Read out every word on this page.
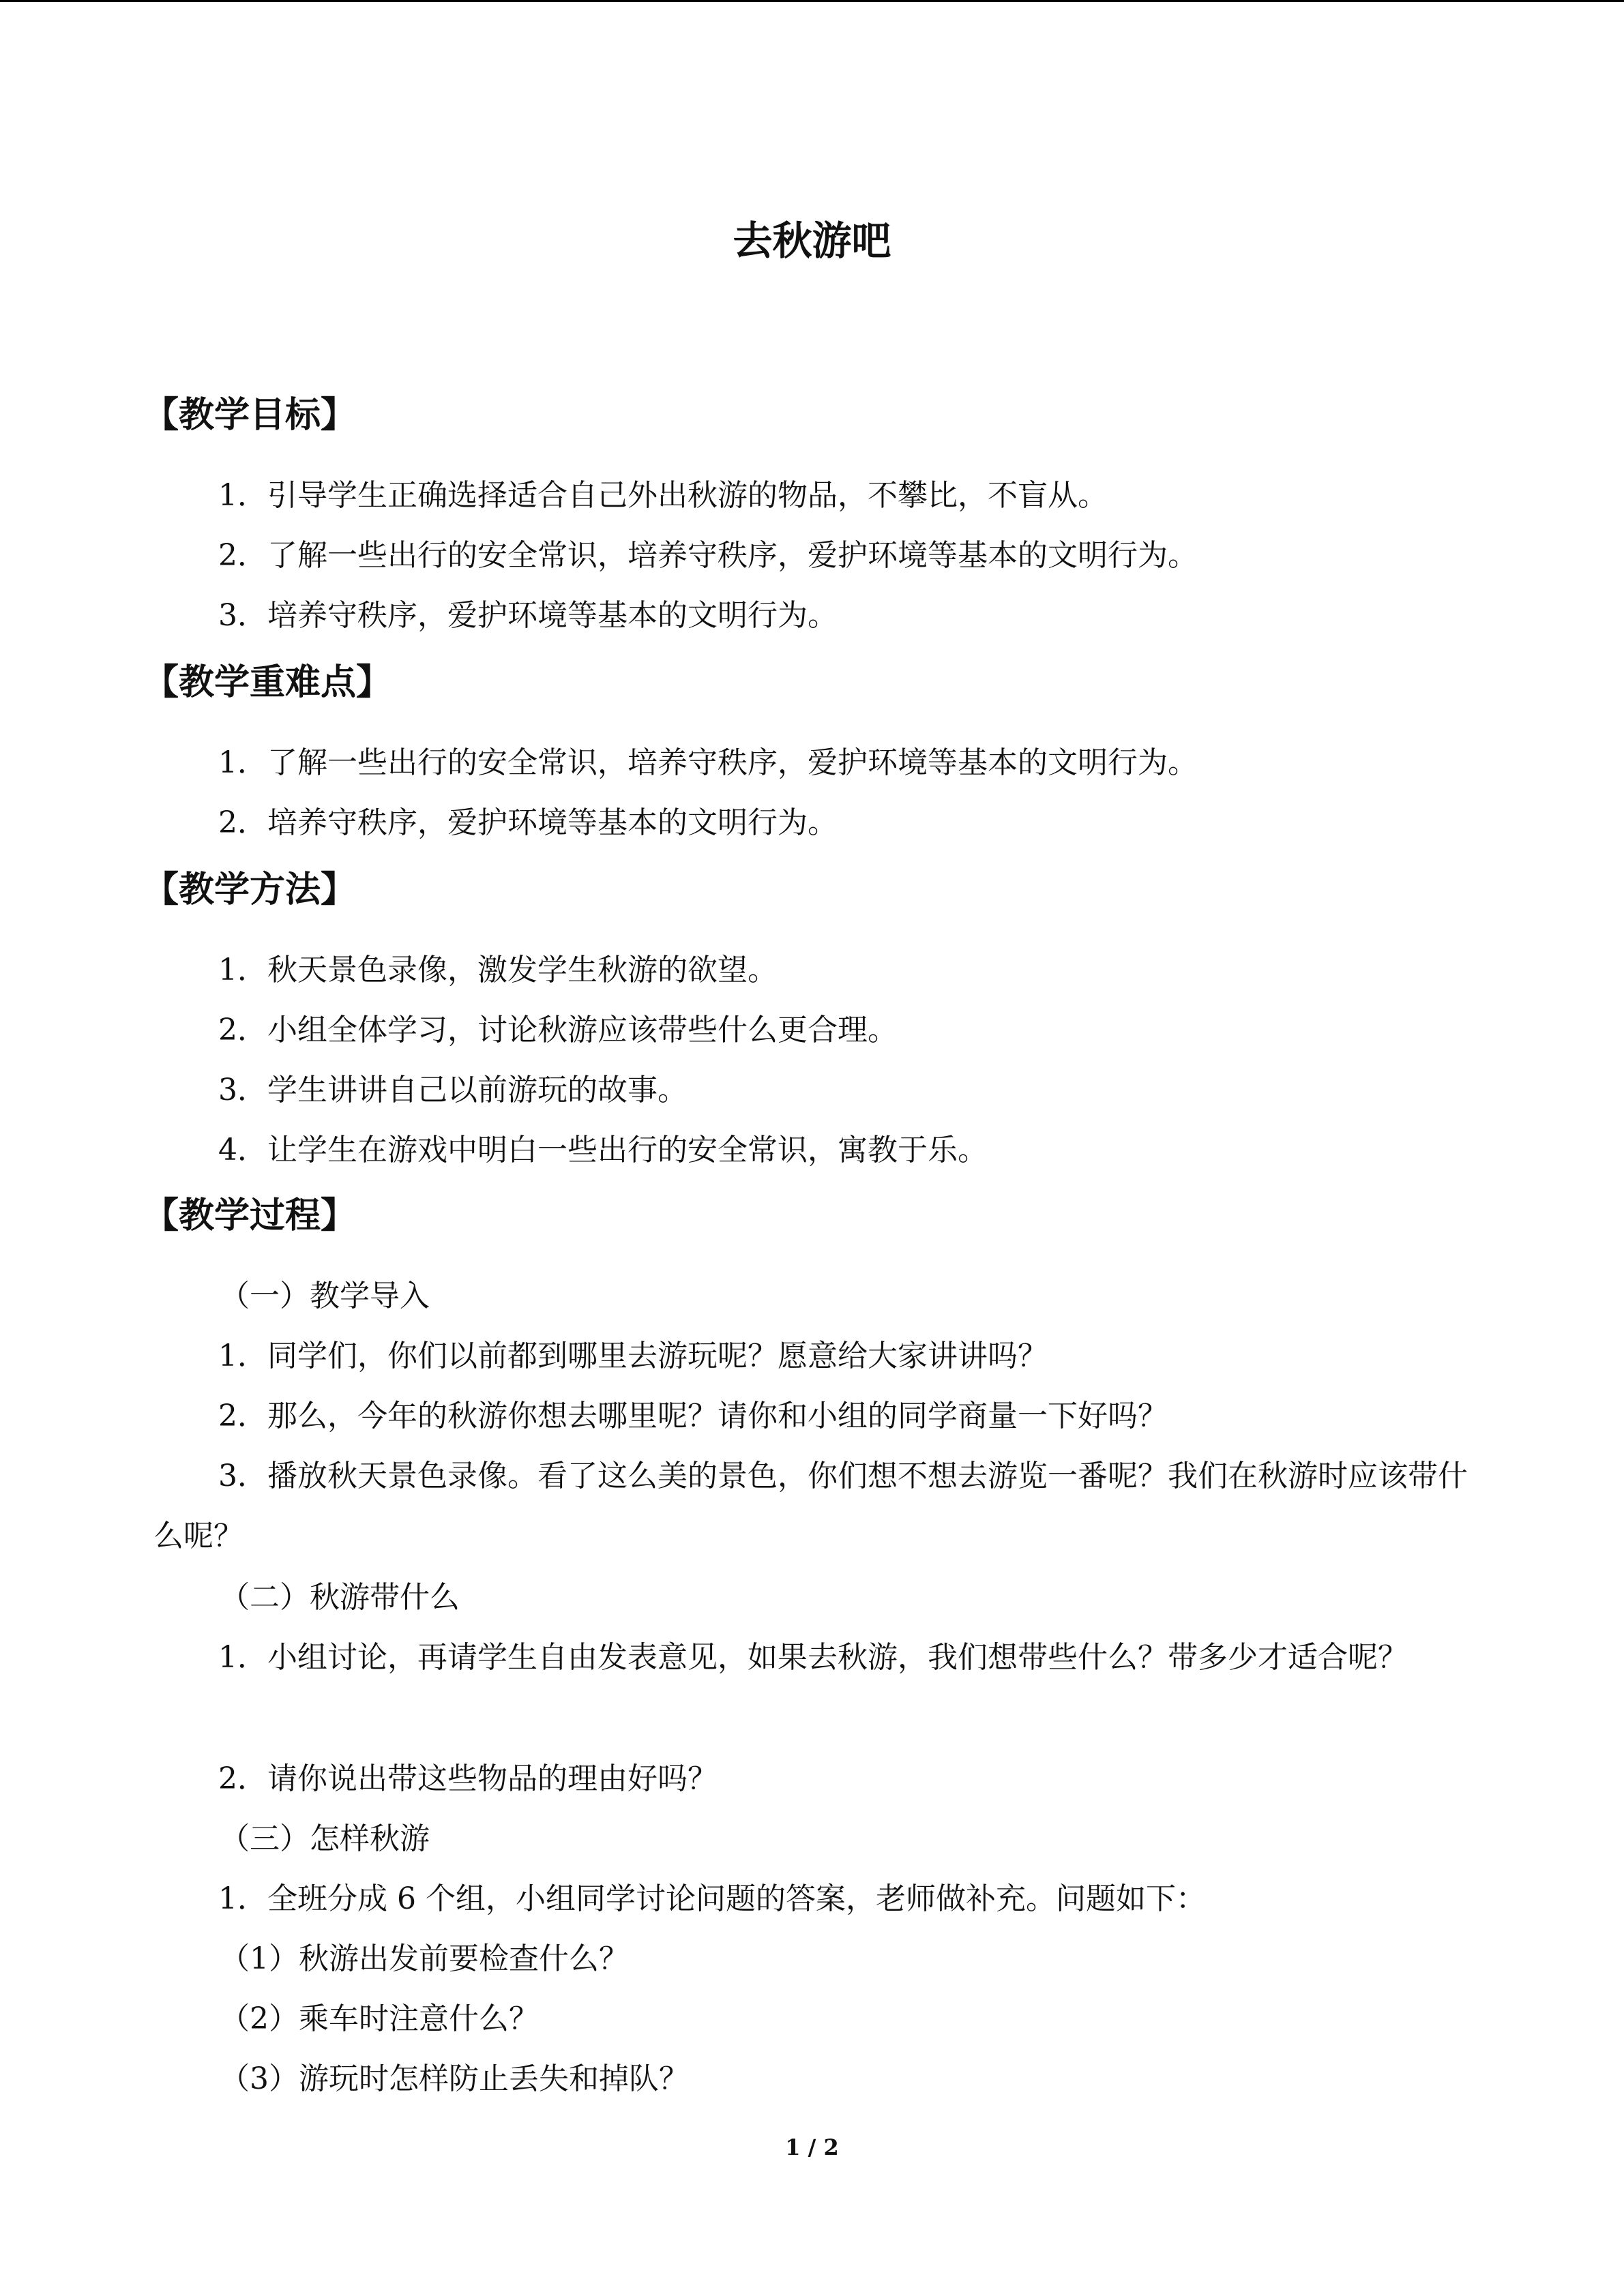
去秋游吧
【教学目标】

1．引导学生正确选择适合自己外出秋游的物品，不攀比，不盲从。

2．了解一些出行的安全常识，培养守秩序，爱护环境等基本的文明行为。

3．培养守秩序，爱护环境等基本的文明行为。

【教学重难点】

1．了解一些出行的安全常识，培养守秩序，爱护环境等基本的文明行为。

2．培养守秩序，爱护环境等基本的文明行为。

【教学方法】

1．秋天景色录像，激发学生秋游的欲望。

2．小组全体学习，讨论秋游应该带些什么更合理。

3．学生讲讲自己以前游玩的故事。

4．让学生在游戏中明白一些出行的安全常识，寓教于乐。

【教学过程】

（一）教学导入

1．同学们，你们以前都到哪里去游玩呢？愿意给大家讲讲吗？

2．那么，今年的秋游你想去哪里呢？请你和小组的同学商量一下好吗？

3．播放秋天景色录像。看了这么美的景色，你们想不想去游览一番呢？我们在秋游时应该带什么呢？

（二）秋游带什么

1．小组讨论，再请学生自由发表意见，如果去秋游，我们想带些什么？带多少才适合呢？

2．请你说出带这些物品的理由好吗？

（三）怎样秋游

1．全班分成 6 个组，小组同学讨论问题的答案，老师做补充。问题如下：

（1）秋游出发前要检查什么？

（2）乘车时注意什么？

（3）游玩时怎样防止丢失和掉队？

1 / 2
